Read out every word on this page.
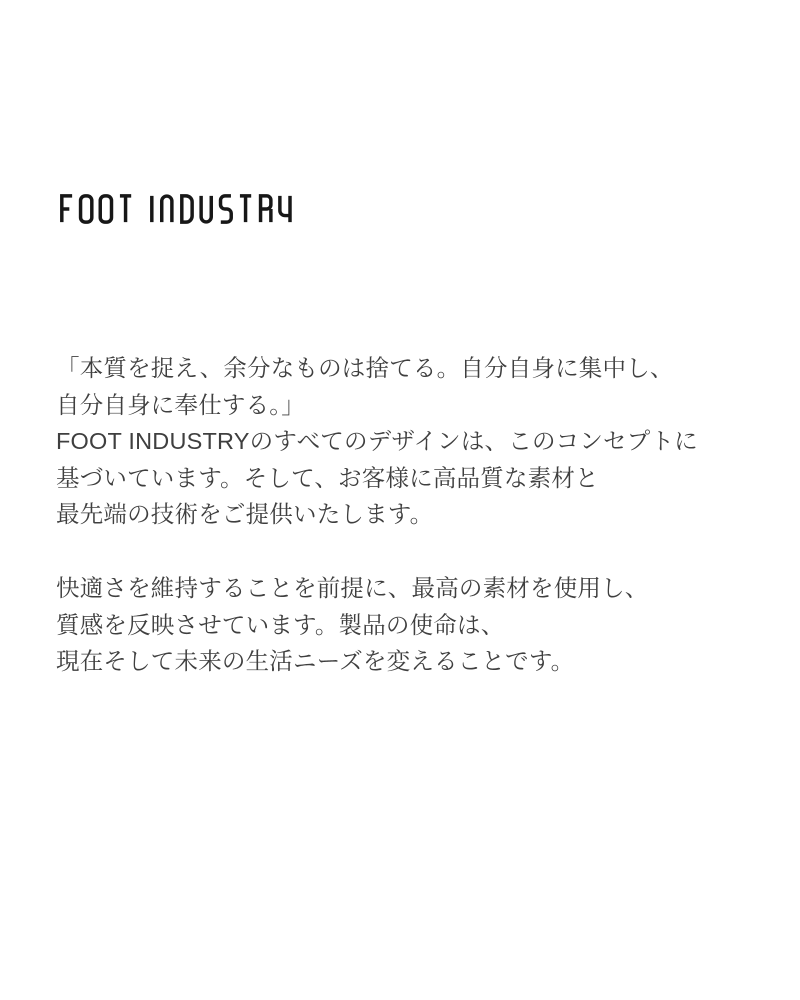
「本質を捉え、余分なものは捨てる。自分自身に集中し、
自分自身に奉仕する。」
FOOT INDUSTRYのすべてのデザインは、このコンセプトに
基づいています。そして、お客様に高品質な素材と
最先端の技術をご提供いたします。
快適さを維持することを前提に、最高の素材を使用し、
質感を反映させています。製品の使命は、
現在そして未来の生活ニーズを変えることです。
